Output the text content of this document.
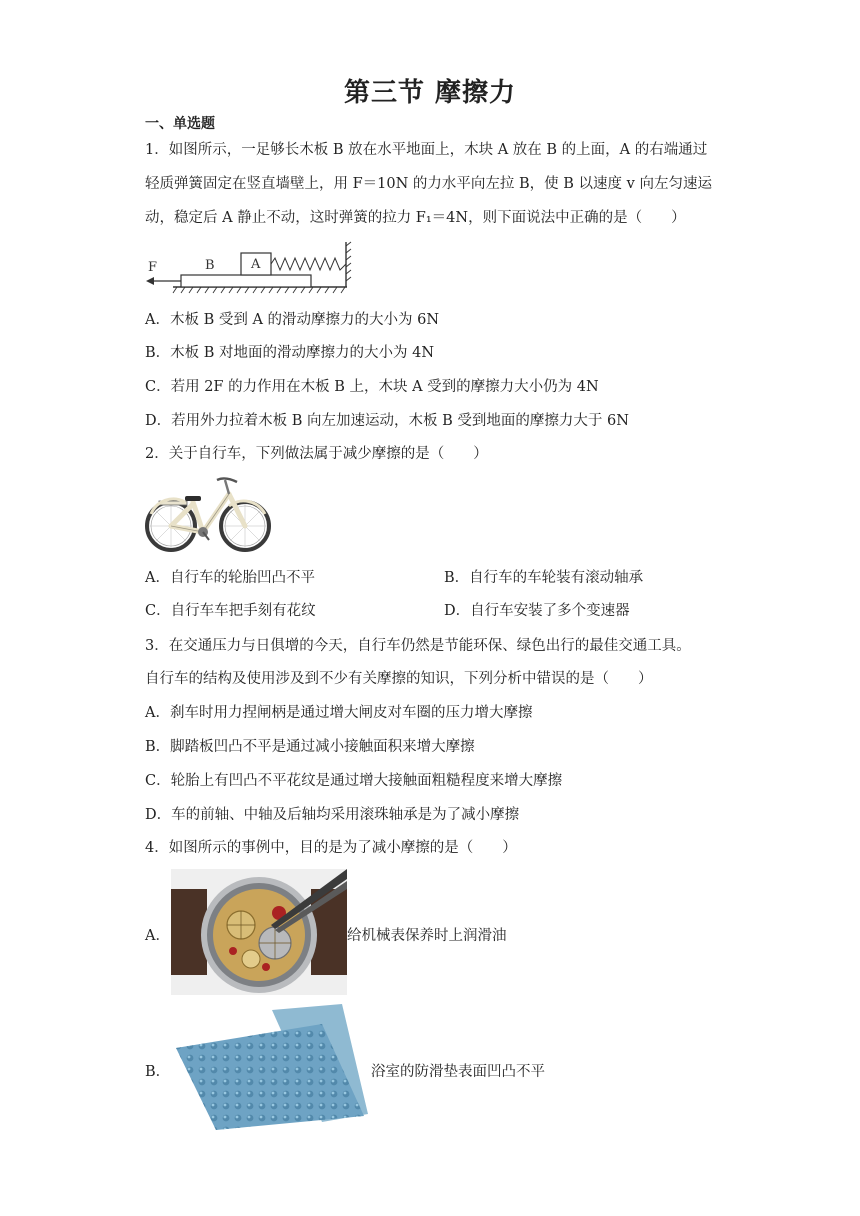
第三节 摩擦力
一、单选题
1．如图所示，一足够长木板 B 放在水平地面上，木块 A 放在 B 的上面，A 的右端通过
轻质弹簧固定在竖直墙壁上，用 F＝10N 的力水平向左拉 B，使 B 以速度 v 向左匀速运
动，稳定后 A 静止不动，这时弹簧的拉力 F₁＝4N，则下面说法中正确的是（　　）
F	B	A
A．木板 B 受到 A 的滑动摩擦力的大小为 6N
B．木板 B 对地面的滑动摩擦力的大小为 4N
C．若用 2F 的力作用在木板 B 上，木块 A 受到的摩擦力大小仍为 4N
D．若用外力拉着木板 B 向左加速运动，木板 B 受到地面的摩擦力大于 6N
2．关于自行车，下列做法属于减少摩擦的是（　　）
A．自行车的轮胎凹凸不平	B．自行车的车轮装有滚动轴承
C．自行车车把手刻有花纹	D．自行车安装了多个变速器
3．在交通压力与日俱增的今天，自行车仍然是节能环保、绿色出行的最佳交通工具。
自行车的结构及使用涉及到不少有关摩擦的知识，下列分析中错误的是（　　）
A．刹车时用力捏闸柄是通过增大闸皮对车圈的压力增大摩擦
B．脚踏板凹凸不平是通过减小接触面积来增大摩擦
C．轮胎上有凹凸不平花纹是通过增大接触面粗糙程度来增大摩擦
D．车的前轴、中轴及后轴均采用滚珠轴承是为了减小摩擦
4．如图所示的事例中，目的是为了减小摩擦的是（　　）
A．	给机械表保养时上润滑油
B．	浴室的防滑垫表面凹凸不平
